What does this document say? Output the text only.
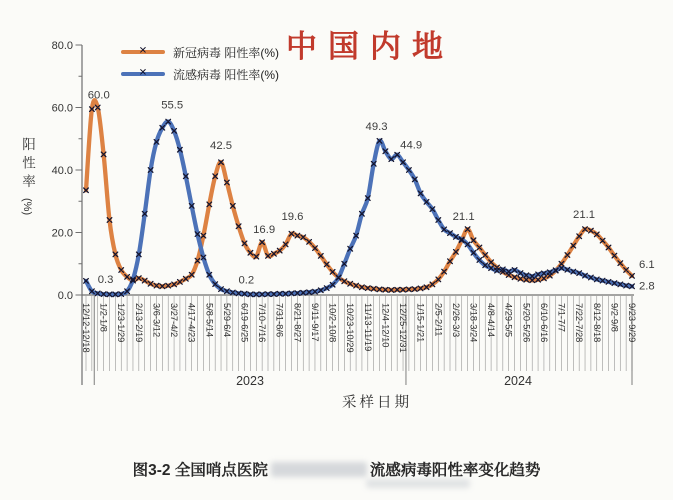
0.0
20.0
40.0
60.0
80.0
12/12-12/18 1/2-1/8 1/23-1/29 2/13-2/19 3/6-3/12 3/27-4/2 4/17-4/23 5/8-5/14 5/29-6/4 6/19-6/25 7/10-7/16 7/31-8/6 8/21-8/27 9/11-9/17 10/2-10/8 10/23-10/29 11/13-11/19 12/4-12/10 12/25-12/31 1/15-1/21 2/5-2/11 2/26-3/3 3/18-3/24 4/8-4/14 4/29-5/5 5/20-5/26 6/10-6/16 7/1-7/7 7/22-7/28 8/12-8/18 9/2-9/8 9/23-9/29
60.0
0.3
55.5
42.5
16.9
0.2
19.6
49.3
44.9
21.1	21.1
6.1
2.8
中国内地
✕ 新冠病毒 阳性率(%)
✕ 流感病毒 阳性率(%)
阳性率
(%)
2023	2024
采样日期
图3-2 全国哨点医院	流感病毒阳性率变化趋势
